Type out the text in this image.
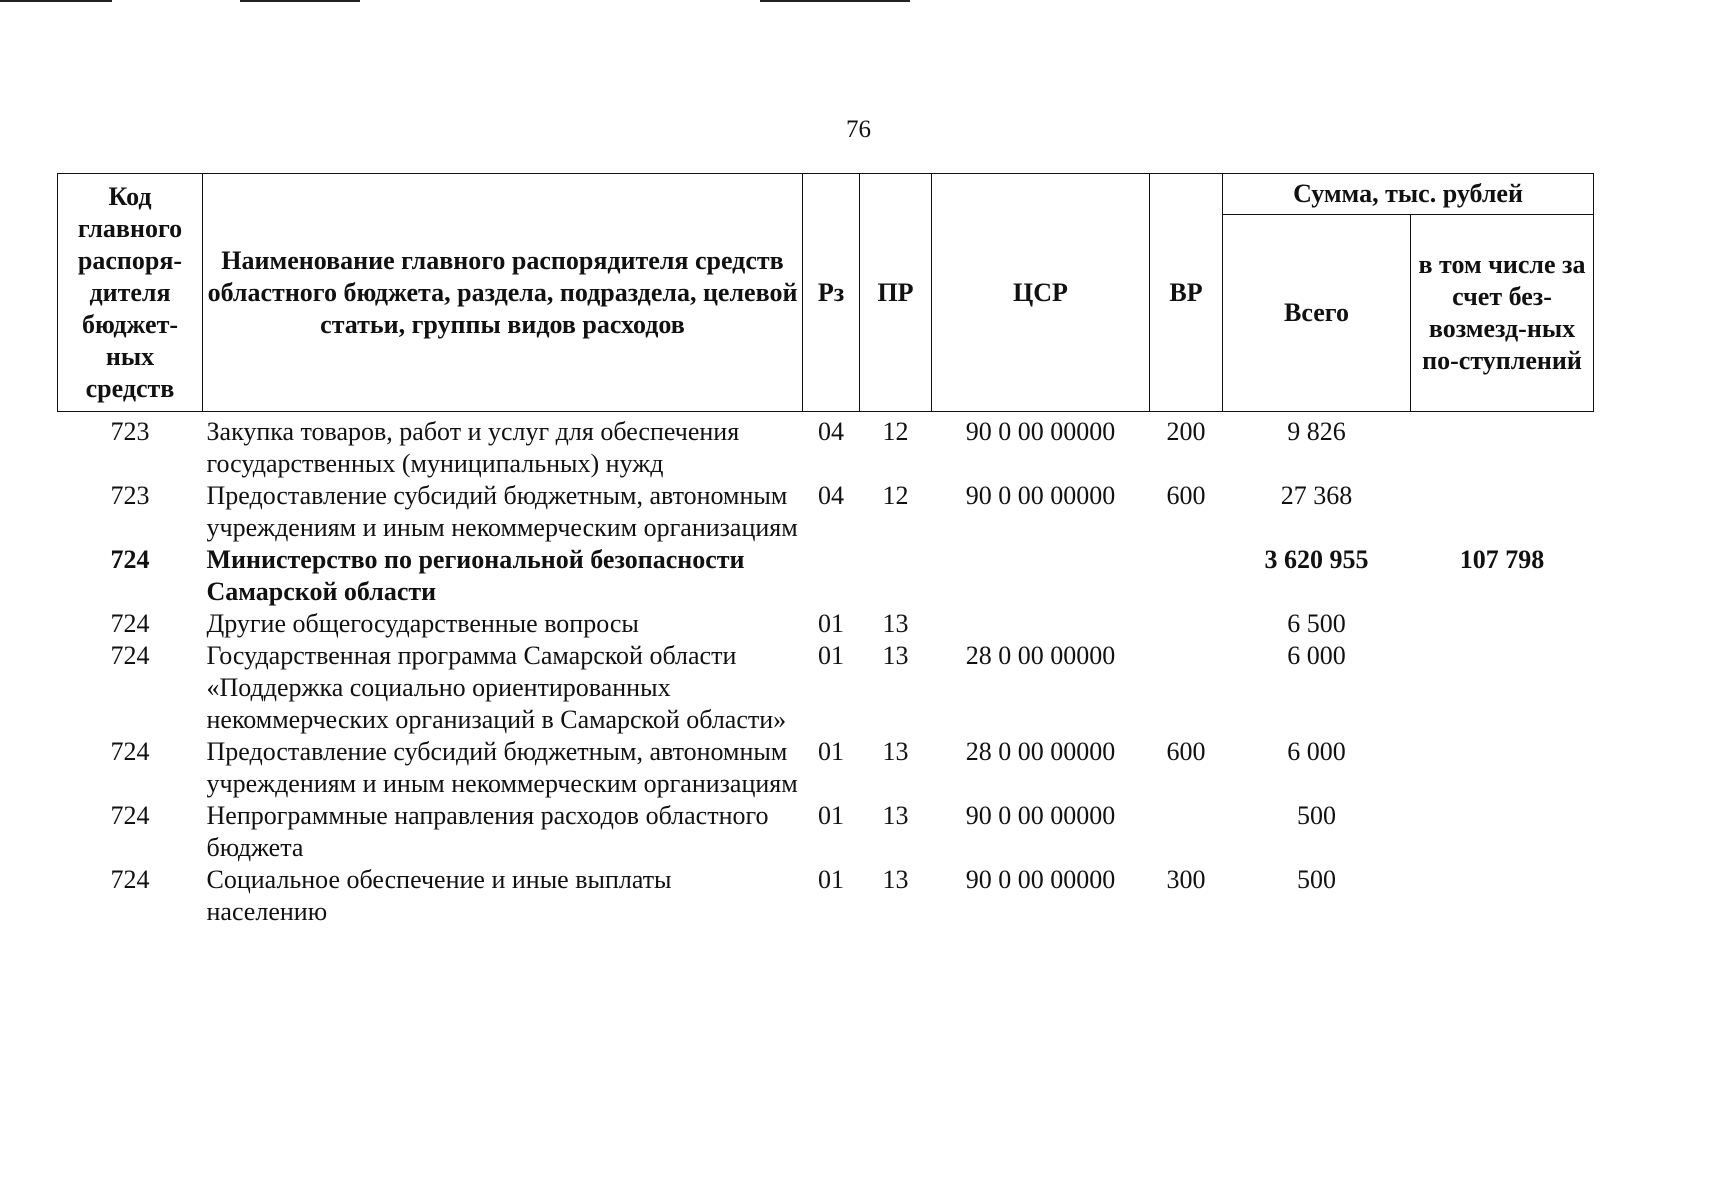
76
Код главного распоря-дителя бюджет-ных средств	Наименование главного распорядителя средств областного бюджета, раздела, подраздела, целевой статьи, группы видов расходов	Рз	ПР	ЦСР	ВР	Сумма, тыс. рублей	
						Всего	в том числе за счет без-возмезд-ных по-ступлений
723	Закупка товаров, работ и услуг для обеспечения государственных (муниципальных) нужд	04	12	90 0 00 00000	200	9 826	
723	Предоставление субсидий бюджетным, автономным учреждениям и иным некоммерческим организациям	04	12	90 0 00 00000	600	27 368	
724	Министерство по региональной безопасности Самарской области					3 620 955	107 798
724	Другие общегосударственные вопросы	01	13			6 500	
724	Государственная программа Самарской области «Поддержка социально ориентированных некоммерческих организаций в Самарской области»	01	13	28 0 00 00000		6 000	
724	Предоставление субсидий бюджетным, автономным учреждениям и иным некоммерческим организациям	01	13	28 0 00 00000	600	6 000	
724	Непрограммные направления расходов областного бюджета	01	13	90 0 00 00000		500	
724	Социальное обеспечение и иные выплаты населению	01	13	90 0 00 00000	300	500	
